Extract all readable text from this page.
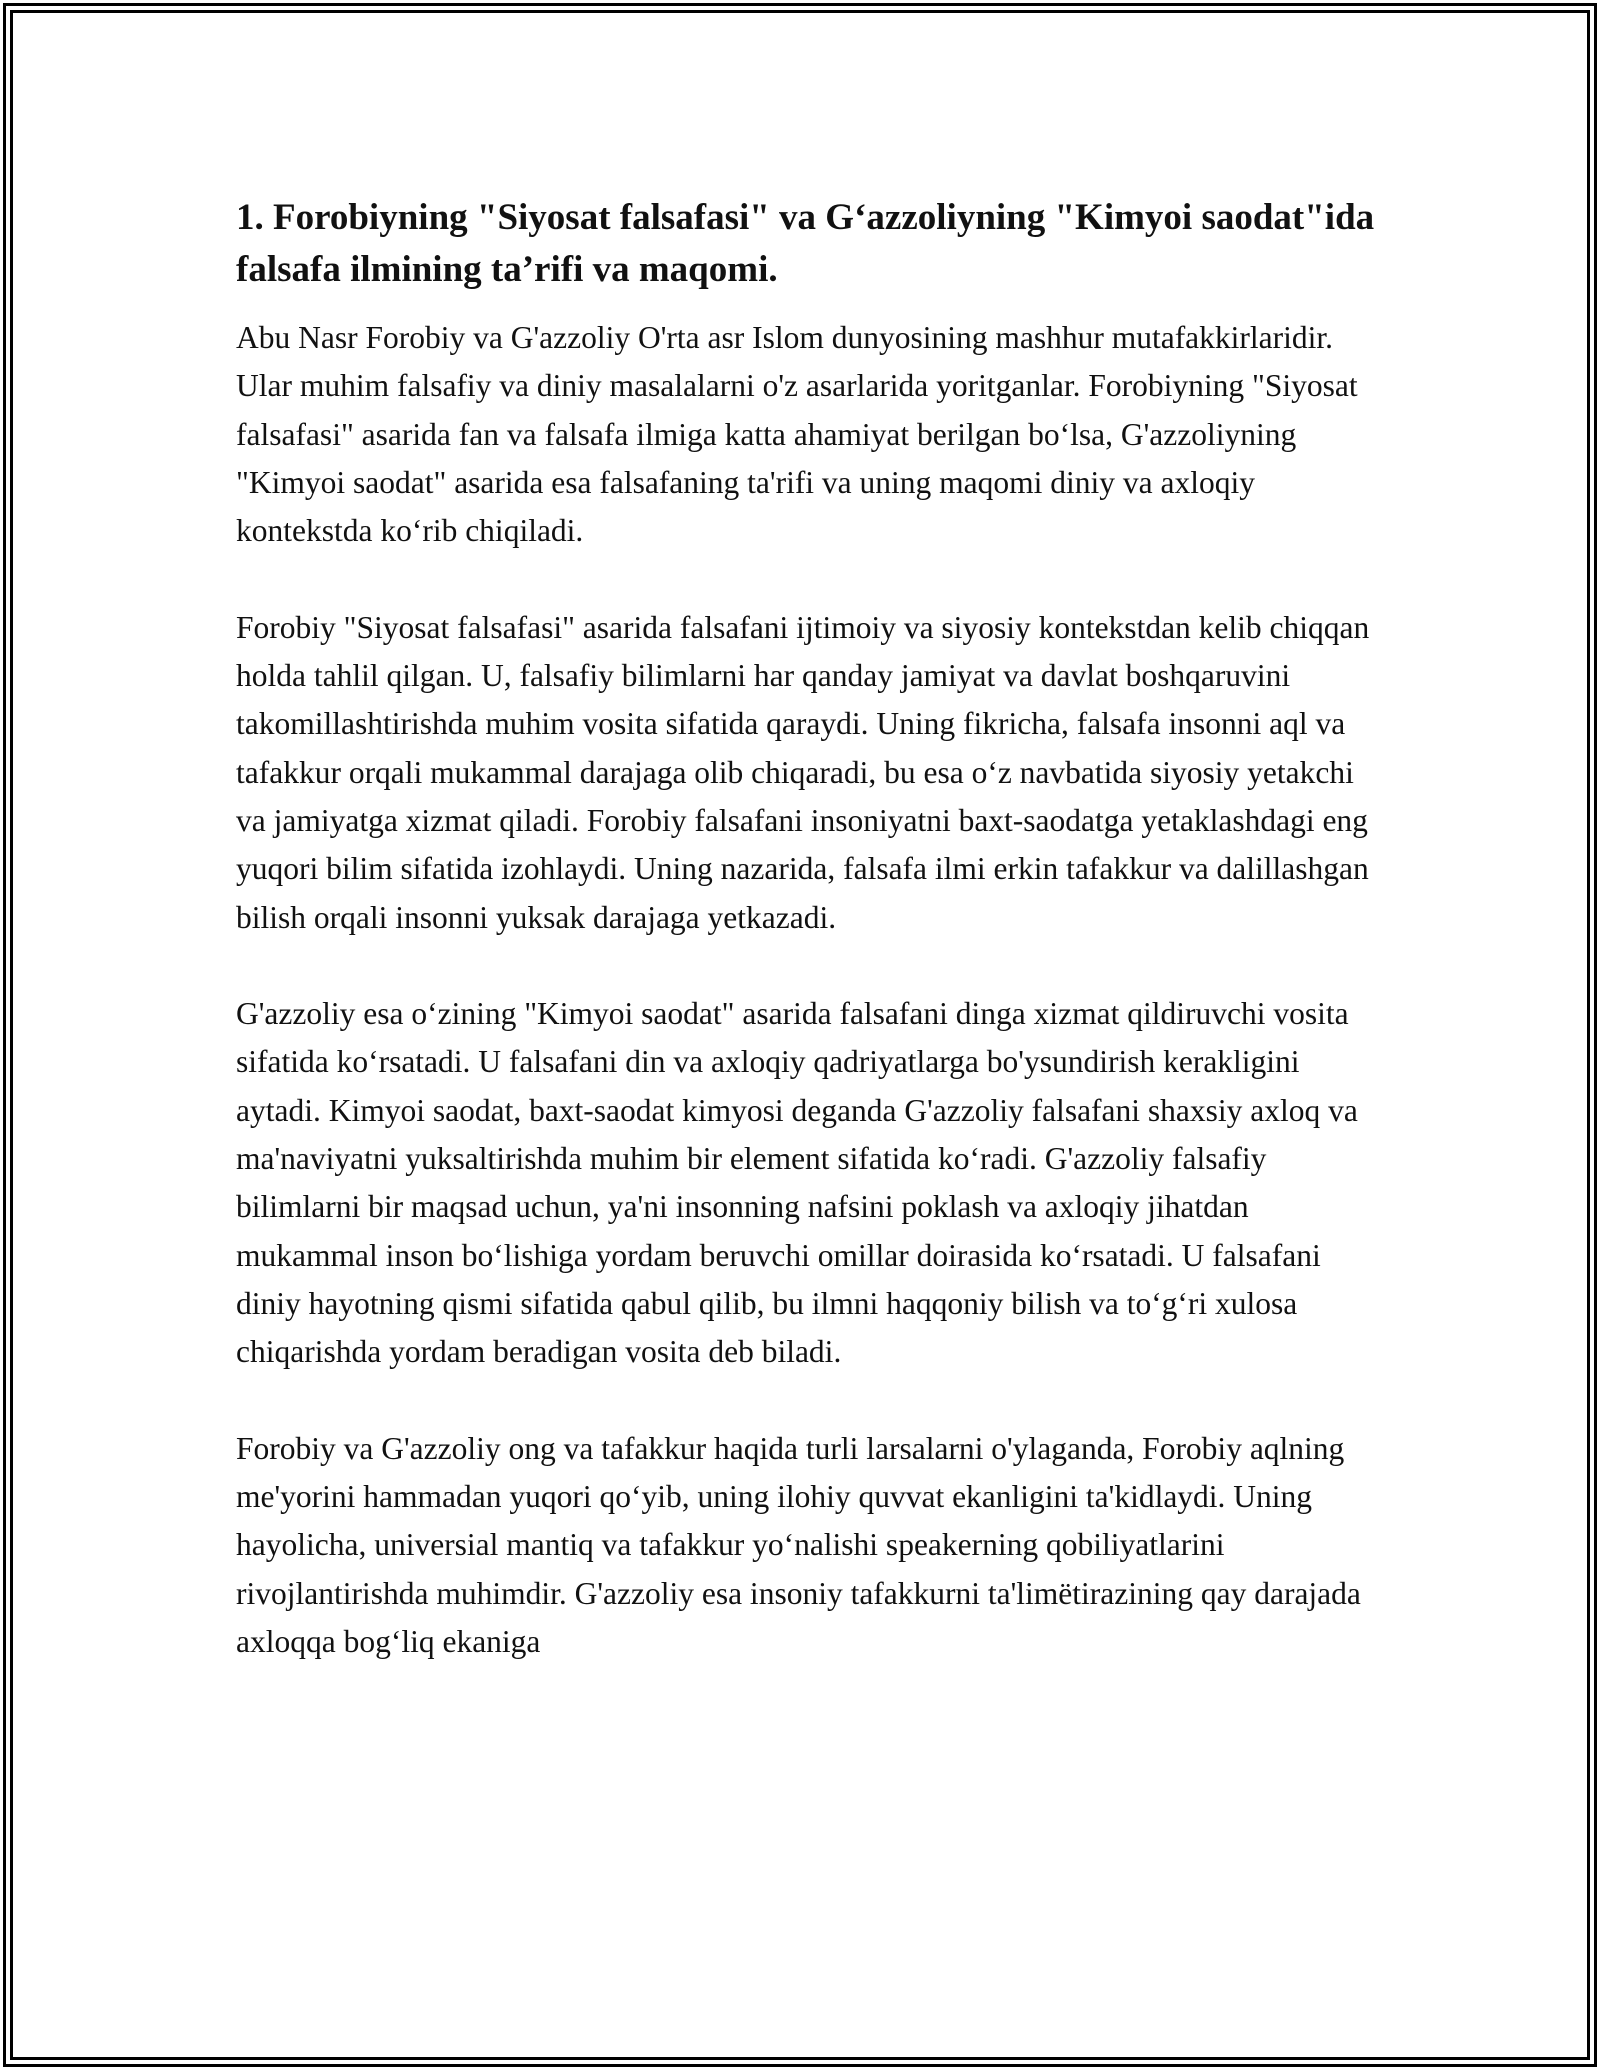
1. Forobiyning "Siyosat falsafasi" va G‘azzoliyning "Kimyoi saodat"ida falsafa ilmining ta’rifi va maqomi.

Abu Nasr Forobiy va G'azzoliy O'rta asr Islom dunyosining mashhur mutafakkirlaridir. Ular muhim falsafiy va diniy masalalarni o'z asarlarida yoritganlar. Forobiyning "Siyosat falsafasi" asarida fan va falsafa ilmiga katta ahamiyat berilgan bo‘lsa, G'azzoliyning "Kimyoi saodat" asarida esa falsafaning ta'rifi va uning maqomi diniy va axloqiy kontekstda ko‘rib chiqiladi.

Forobiy "Siyosat falsafasi" asarida falsafani ijtimoiy va siyosiy kontekstdan kelib chiqqan holda tahlil qilgan. U, falsafiy bilimlarni har qanday jamiyat va davlat boshqaruvini takomillashtirishda muhim vosita sifatida qaraydi. Uning fikricha, falsafa insonni aql va tafakkur orqali mukammal darajaga olib chiqaradi, bu esa o‘z navbatida siyosiy yetakchi va jamiyatga xizmat qiladi. Forobiy falsafani insoniyatni baxt-saodatga yetaklashdagi eng yuqori bilim sifatida izohlaydi. Uning nazarida, falsafa ilmi erkin tafakkur va dalillashgan bilish orqali insonni yuksak darajaga yetkazadi.

G'azzoliy esa o‘zining "Kimyoi saodat" asarida falsafani dinga xizmat qildiruvchi vosita sifatida ko‘rsatadi. U falsafani din va axloqiy qadriyatlarga bo'ysundirish kerakligini aytadi. Kimyoi saodat, baxt-saodat kimyosi deganda G'azzoliy falsafani shaxsiy axloq va ma'naviyatni yuksaltirishda muhim bir element sifatida ko‘radi. G'azzoliy falsafiy bilimlarni bir maqsad uchun, ya'ni insonning nafsini poklash va axloqiy jihatdan mukammal inson bo‘lishiga yordam beruvchi omillar doirasida ko‘rsatadi. U falsafani diniy hayotning qismi sifatida qabul qilib, bu ilmni haqqoniy bilish va to‘g‘ri xulosa chiqarishda yordam beradigan vosita deb biladi.

Forobiy va G'azzoliy ong va tafakkur haqida turli larsalarni o'ylaganda, Forobiy aqlning me'yorini hammadan yuqori qo‘yib, uning ilohiy quvvat ekanligini ta'kidlaydi. Uning hayolicha, universial mantiq va tafakkur yo‘nalishi speakerning qobiliyatlarini rivojlantirishda muhimdir. G'azzoliy esa insoniy tafakkurni ta'limëtirazining qay darajada axloqqa bog‘liq ekaniga
